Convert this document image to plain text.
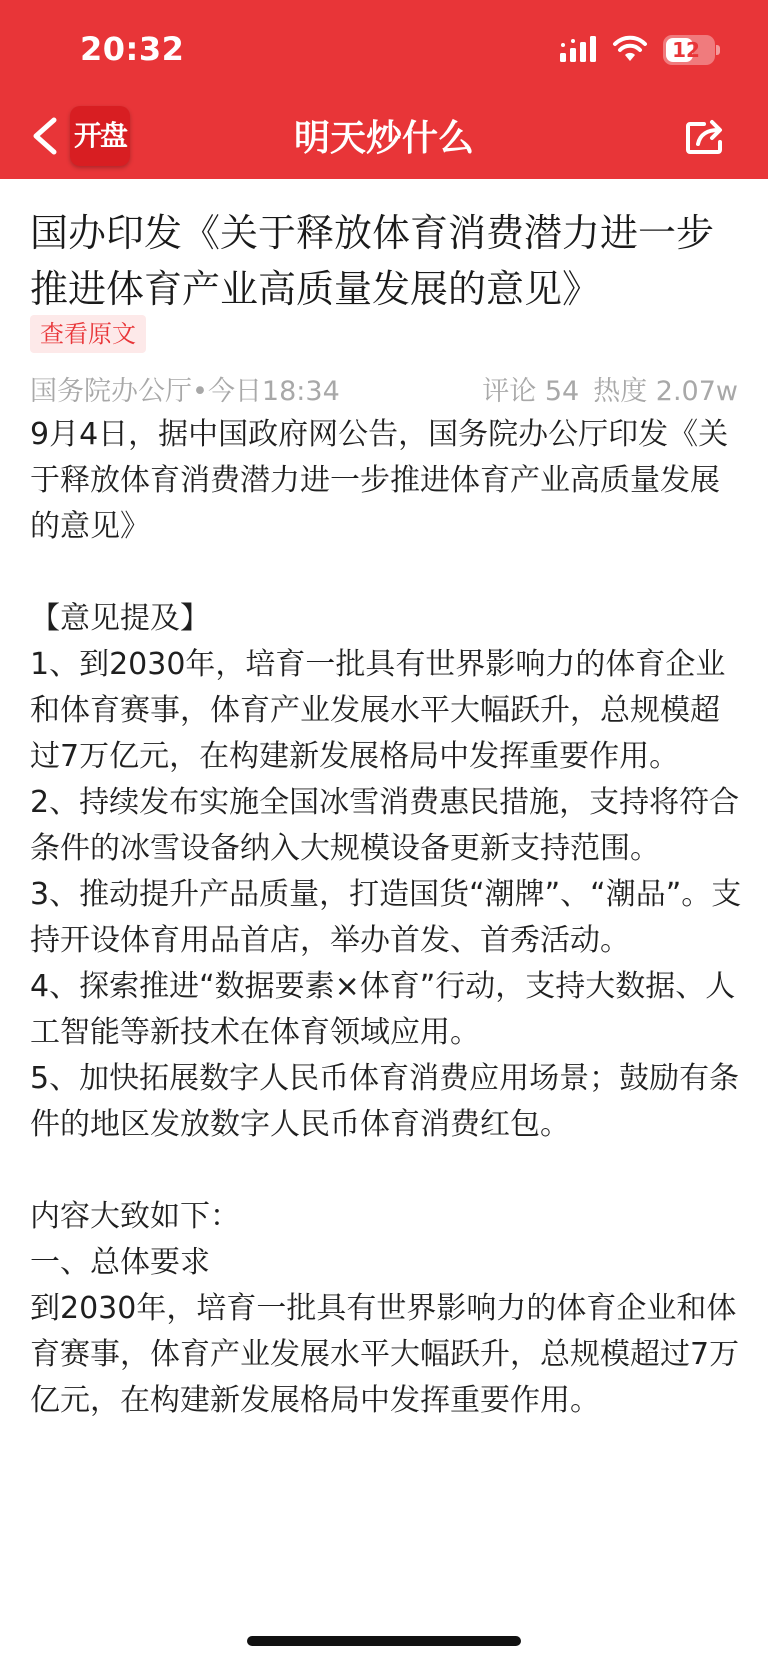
20:32	12
开盘	明天炒什么
国办印发《关于释放体育消费潜力进一步推进体育产业高质量发展的意见》
查看原文
国务院办公厅•今日18:34	评论 54 热度 2.07w
9月4日，据中国政府网公告，国务院办公厅印发《关于释放体育消费潜力进一步推进体育产业高质量发展的意见》
【意见提及】
1、到2030年，培育一批具有世界影响力的体育企业和体育赛事，体育产业发展水平大幅跃升，总规模超过7万亿元，在构建新发展格局中发挥重要作用。
2、持续发布实施全国冰雪消费惠民措施，支持将符合条件的冰雪设备纳入大规模设备更新支持范围。
3、推动提升产品质量，打造国货“潮牌”、“潮品”。支持开设体育用品首店，举办首发、首秀活动。
4、探索推进“数据要素×体育”行动，支持大数据、人工智能等新技术在体育领域应用。
5、加快拓展数字人民币体育消费应用场景；鼓励有条件的地区发放数字人民币体育消费红包。
内容大致如下：
一、总体要求
到2030年，培育一批具有世界影响力的体育企业和体育赛事，体育产业发展水平大幅跃升，总规模超过7万亿元，在构建新发展格局中发挥重要作用。
